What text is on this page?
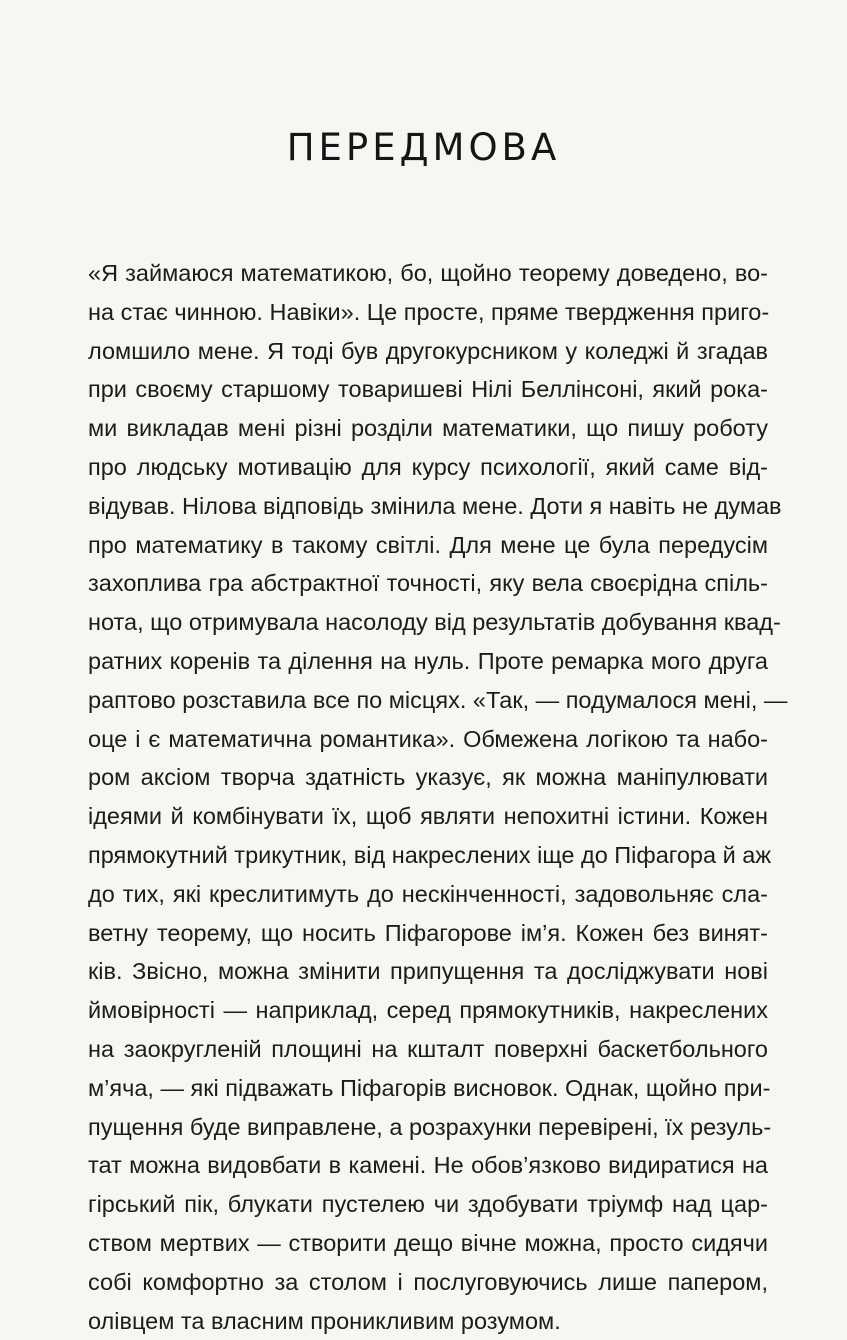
ПЕРЕДМОВА
«Я займаюся математикою, бо, щойно теорему доведено, во-
на стає чинною. Навіки». Це просте, пряме твердження приго-
ломшило мене. Я тоді був другокурсником у коледжі й згадав
при своєму старшому товаришеві Нілі Беллінсоні, який рока-
ми викладав мені різні розділи математики, що пишу роботу
про людську мотивацію для курсу психології, який саме від-
відував. Нілова відповідь змінила мене. Доти я навіть не думав
про математику в такому світлі. Для мене це була передусім
захоплива гра абстрактної точності, яку вела своєрідна спіль-
нота, що отримувала насолоду від результатів добування квад-
ратних коренів та ділення на нуль. Проте ремарка мого друга
раптово розставила все по місцях. «Так, — подумалося мені, —
оце і є математична романтика». Обмежена логікою та набо-
ром аксіом творча здатність указує, як можна маніпулювати
ідеями й комбінувати їх, щоб являти непохитні істини. Кожен
прямокутний трикутник, від накреслених іще до Піфагора й аж
до тих, які креслитимуть до нескінченності, задовольняє сла-
ветну теорему, що носить Піфагорове ім’я. Кожен без винят-
ків. Звісно, можна змінити припущення та досліджувати нові
ймовірності — наприклад, серед прямокутників, накреслених
на заокругленій площині на кшталт поверхні баскетбольного
м’яча, — які підважать Піфагорів висновок. Однак, щойно при-
пущення буде виправлене, а розрахунки перевірені, їх резуль-
тат можна видовбати в камені. Не обов’язково видиратися на
гірський пік, блукати пустелею чи здобувати тріумф над цар-
ством мертвих — створити дещо вічне можна, просто сидячи
собі комфортно за столом і послуговуючись лише папером,
олівцем та власним проникливим розумом.
